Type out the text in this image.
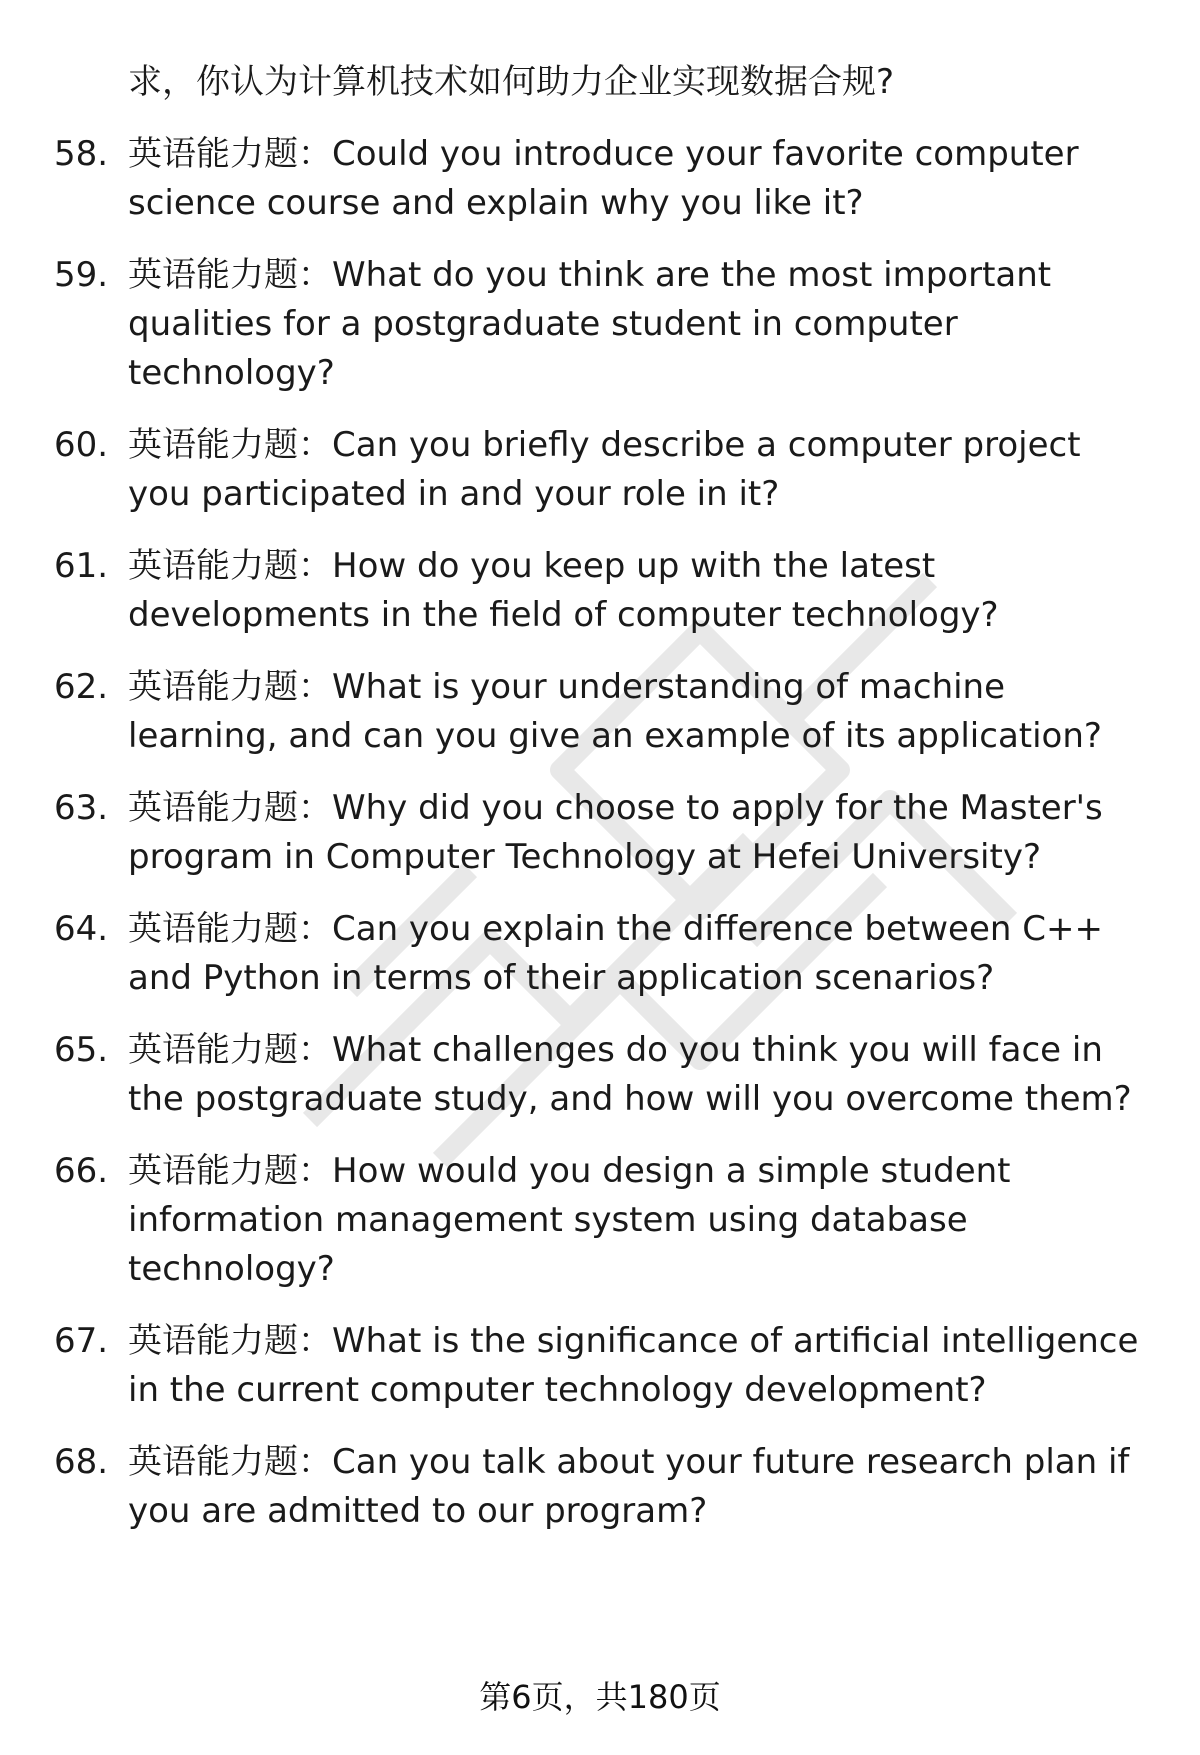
求，你认为计算机技术如何助力企业实现数据合规?
58. 英语能力题：Could you introduce your favorite computer science course and explain why you like it?
59. 英语能力题：What do you think are the most important qualities for a postgraduate student in computer technology?
60. 英语能力题：Can you briefly describe a computer project you participated in and your role in it?
61. 英语能力题：How do you keep up with the latest developments in the field of computer technology?
62. 英语能力题：What is your understanding of machine learning, and can you give an example of its application?
63. 英语能力题：Why did you choose to apply for the Master's program in Computer Technology at Hefei University?
64. 英语能力题：Can you explain the difference between C++ and Python in terms of their application scenarios?
65. 英语能力题：What challenges do you think you will face in the postgraduate study, and how will you overcome them?
66. 英语能力题：How would you design a simple student information management system using database technology?
67. 英语能力题：What is the significance of artificial intelligence in the current computer technology development?
68. 英语能力题：Can you talk about your future research plan if you are admitted to our program?
第6页，共180页
